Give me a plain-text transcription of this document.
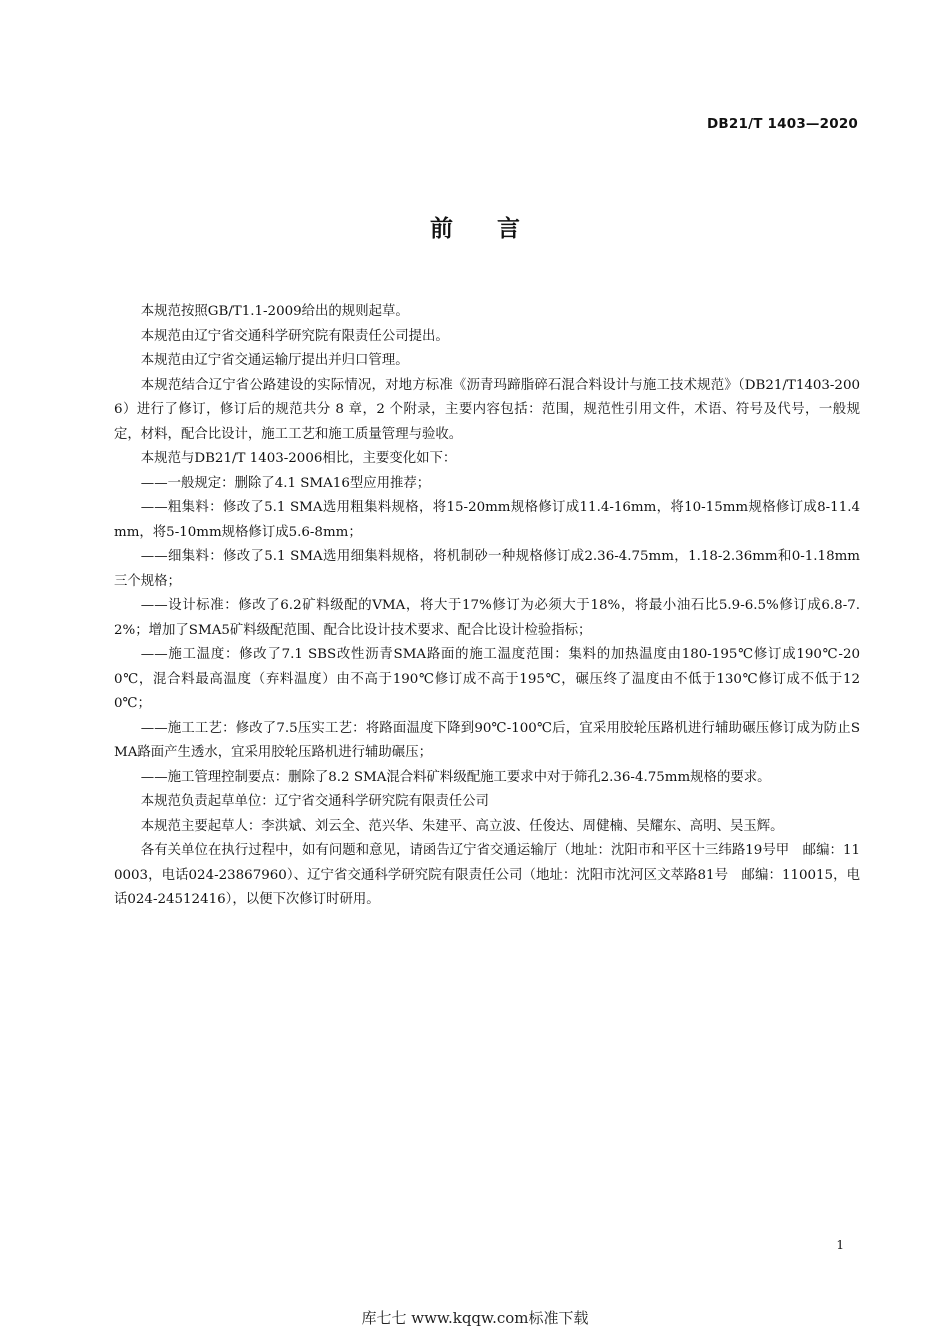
DB21/T 1403—2020
前言

本规范按照GB/T1.1-2009给出的规则起草。

本规范由辽宁省交通科学研究院有限责任公司提出。

本规范由辽宁省交通运输厅提出并归口管理。

本规范结合辽宁省公路建设的实际情况，对地方标准《沥青玛蹄脂碎石混合料设计与施工技术规范》（DB21/T1403-2006）进行了修订，修订后的规范共分 8 章，2 个附录，主要内容包括：范围，规范性引用文件，术语、符号及代号，一般规定，材料，配合比设计，施工工艺和施工质量管理与验收。

本规范与DB21/T 1403-2006相比，主要变化如下：

——一般规定：删除了4.1 SMA16型应用推荐；

——粗集料：修改了5.1 SMA选用粗集料规格，将15-20mm规格修订成11.4-16mm，将10-15mm规格修订成8-11.4mm，将5-10mm规格修订成5.6-8mm；

——细集料：修改了5.1 SMA选用细集料规格，将机制砂一种规格修订成2.36-4.75mm，1.18-2.36mm和0-1.18mm三个规格；

——设计标准：修改了6.2矿料级配的VMA，将大于17%修订为必须大于18%，将最小油石比5.9-6.5%修订成6.8-7.2%；增加了SMA5矿料级配范围、配合比设计技术要求、配合比设计检验指标；

——施工温度：修改了7.1 SBS改性沥青SMA路面的施工温度范围：集料的加热温度由180-195℃修订成190℃-200℃，混合料最高温度（弃料温度）由不高于190℃修订成不高于195℃，碾压终了温度由不低于130℃修订成不低于120℃；

——施工工艺：修改了7.5压实工艺：将路面温度下降到90℃-100℃后，宜采用胶轮压路机进行辅助碾压修订成为防止SMA路面产生透水，宜采用胶轮压路机进行辅助碾压；

——施工管理控制要点：删除了8.2 SMA混合料矿料级配施工要求中对于筛孔2.36-4.75mm规格的要求。

本规范负责起草单位：辽宁省交通科学研究院有限责任公司

本规范主要起草人：李洪斌、刘云全、范兴华、朱建平、高立波、任俊达、周健楠、吴耀东、高明、吴玉辉。

各有关单位在执行过程中，如有问题和意见，请函告辽宁省交通运输厅（地址：沈阳市和平区十三纬路19号甲　邮编：110003，电话024-23867960）、辽宁省交通科学研究院有限责任公司（地址：沈阳市沈河区文萃路81号　邮编：110015，电话024-24512416），以便下次修订时研用。

1
库七七 www.kqqw.com标准下载
